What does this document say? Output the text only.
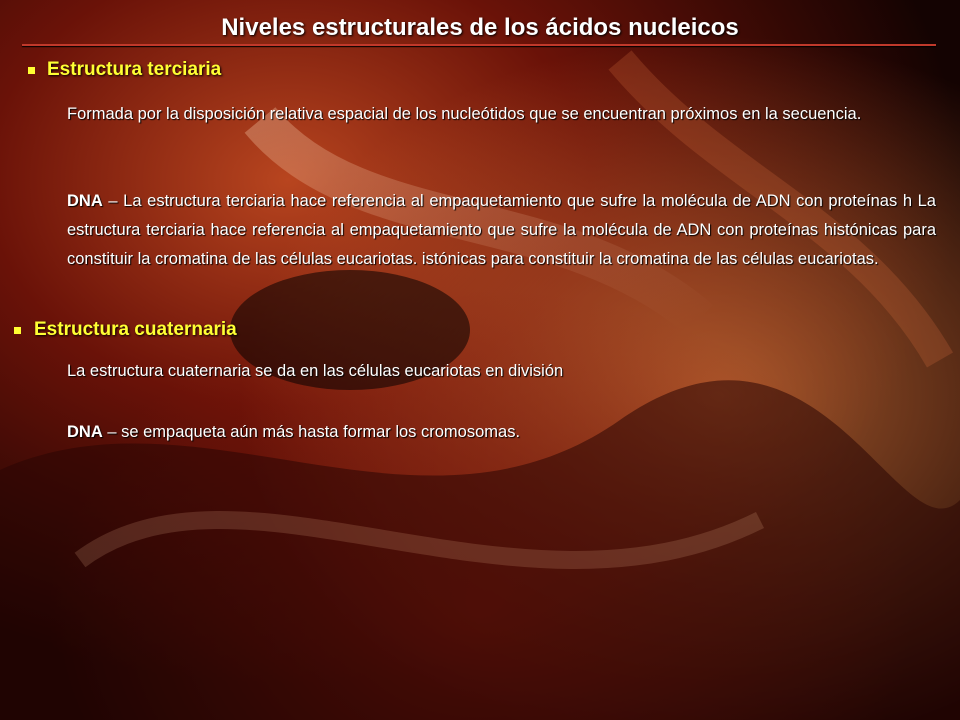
Niveles estructurales de los ácidos nucleicos
Estructura terciaria
Formada por la disposición relativa espacial de los nucleótidos que se encuentran próximos en la secuencia.
DNA – La estructura terciaria hace referencia al empaquetamiento que sufre la molécula de ADN con proteínas h La estructura terciaria hace referencia al empaquetamiento que sufre la molécula de ADN con proteínas histónicas para constituir la cromatina de las células eucariotas. istónicas para constituir la cromatina de las células eucariotas.
Estructura cuaternaria
La estructura cuaternaria se da en las células eucariotas en división
DNA – se empaqueta aún más hasta formar los cromosomas.
